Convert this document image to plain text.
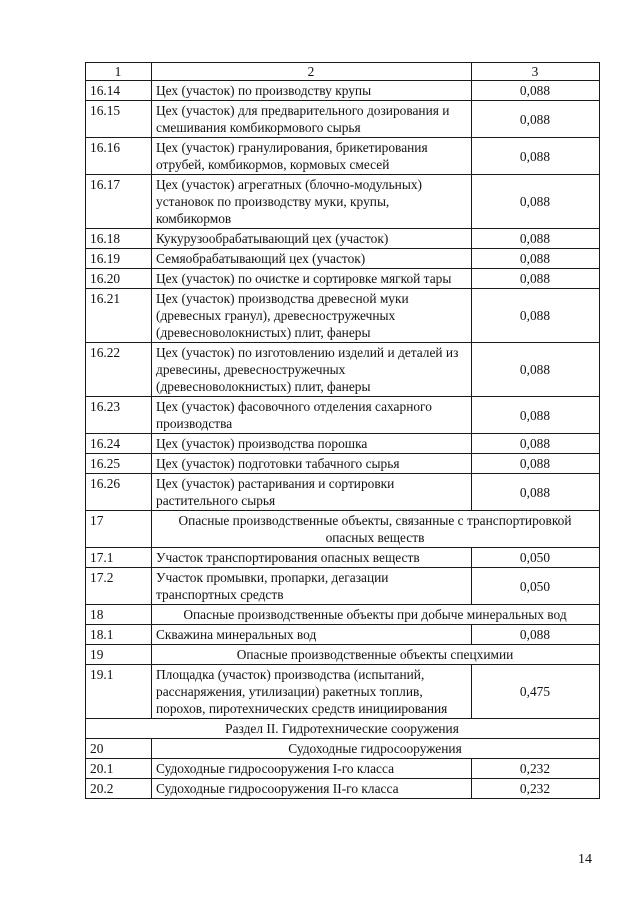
1	2	3
16.14	Цех (участок) по производству крупы	0,088
16.15	Цех (участок) для предварительного дозирования и смешивания комбикормового сырья	0,088
16.16	Цех (участок) гранулирования, брикетирования отрубей, комбикормов, кормовых смесей	0,088
16.17	Цех (участок) агрегатных (блочно-модульных) установок по производству муки, крупы, комбикормов	0,088
16.18	Кукурузообрабатывающий цех (участок)	0,088
16.19	Семяобрабатывающий цех (участок)	0,088
16.20	Цех (участок) по очистке и сортировке мягкой тары	0,088
16.21	Цех (участок) производства древесной муки (древесных гранул), древесностружечных (древесноволокнистых) плит, фанеры	0,088
16.22	Цех (участок) по изготовлению изделий и деталей из древесины, древесностружечных (древесноволокнистых) плит, фанеры	0,088
16.23	Цех (участок) фасовочного отделения сахарного производства	0,088
16.24	Цех (участок) производства порошка	0,088
16.25	Цех (участок) подготовки табачного сырья	0,088
16.26	Цех (участок) растаривания и сортировки растительного сырья	0,088
17	Опасные производственные объекты, связанные с транспортировкой опасных веществ	
17.1	Участок транспортирования опасных веществ	0,050
17.2	Участок промывки, пропарки, дегазации транспортных средств	0,050
18	Опасные производственные объекты при добыче минеральных вод	
18.1	Скважина минеральных вод	0,088
19	Опасные производственные объекты спецхимии	
19.1	Площадка (участок) производства (испытаний, расснаряжения, утилизации) ракетных топлив, порохов, пиротехнических средств инициирования	0,475
Раздел II. Гидротехнические сооружения		
20	Судоходные гидросооружения	
20.1	Судоходные гидросооружения I-го класса	0,232
20.2	Судоходные гидросооружения II-го класса	0,232
14
